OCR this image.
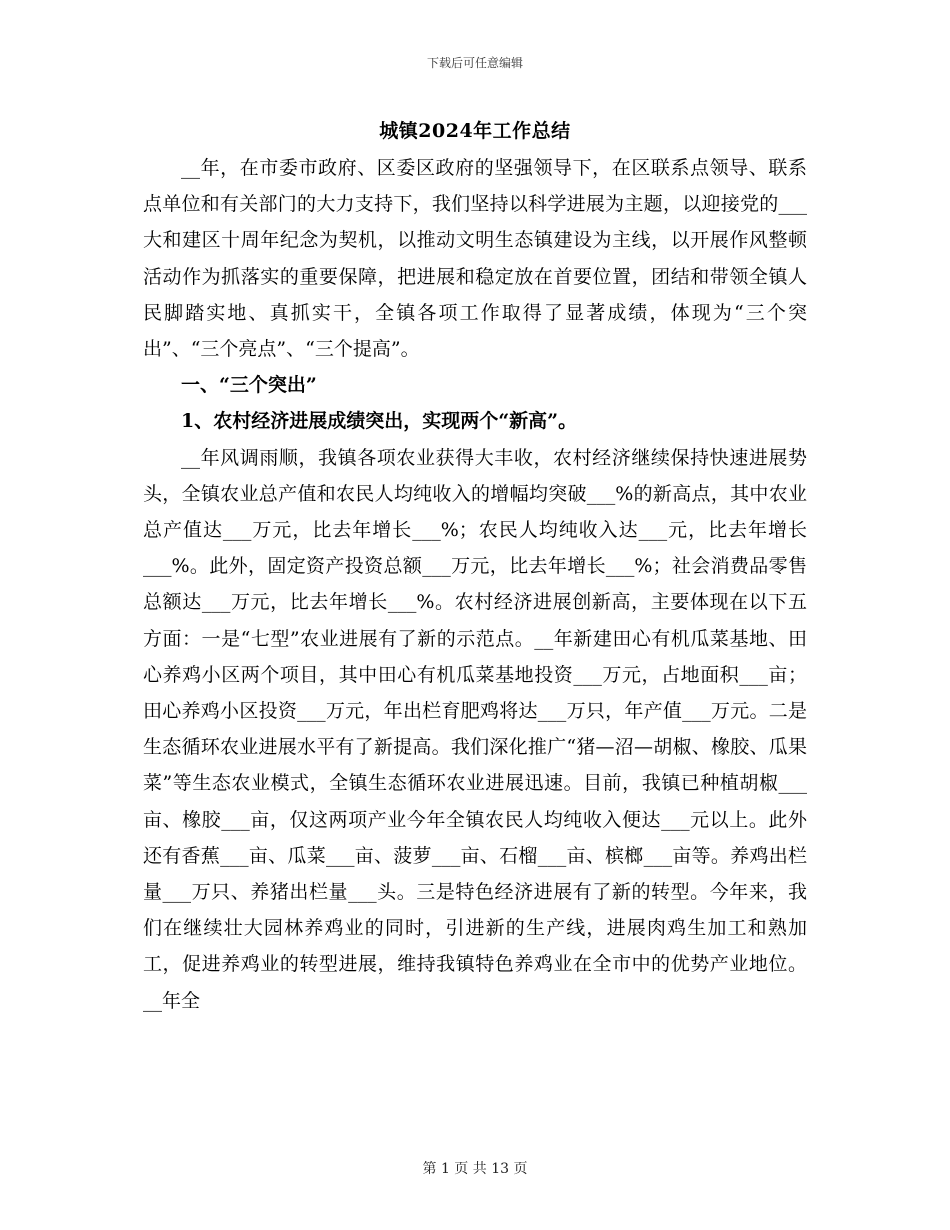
下载后可任意编辑
城镇2024年工作总结

__年，在市委市政府、区委区政府的坚强领导下，在区联系点领导、联系点单位和有关部门的大力支持下，我们坚持以科学进展为主题，以迎接党的___大和建区十周年纪念为契机，以推动文明生态镇建设为主线，以开展作风整顿活动作为抓落实的重要保障，把进展和稳定放在首要位置，团结和带领全镇人民脚踏实地、真抓实干，全镇各项工作取得了显著成绩，体现为“三个突出”、“三个亮点”、“三个提高”。

一、“三个突出”

1、农村经济进展成绩突出，实现两个“新高”。

__年风调雨顺，我镇各项农业获得大丰收，农村经济继续保持快速进展势头，全镇农业总产值和农民人均纯收入的增幅均突破___%的新高点，其中农业总产值达___万元，比去年增长___%；农民人均纯收入达___元，比去年增长___%。此外，固定资产投资总额___万元，比去年增长___%；社会消费品零售总额达___万元，比去年增长___%。农村经济进展创新高，主要体现在以下五方面：一是“七型”农业进展有了新的示范点。__年新建田心有机瓜菜基地、田心养鸡小区两个项目，其中田心有机瓜菜基地投资___万元，占地面积___亩；田心养鸡小区投资___万元，年出栏育肥鸡将达___万只，年产值___万元。二是生态循环农业进展水平有了新提高。我们深化推广“猪—沼—胡椒、橡胶、瓜果菜”等生态农业模式，全镇生态循环农业进展迅速。目前，我镇已种植胡椒___亩、橡胶___亩，仅这两项产业今年全镇农民人均纯收入便达___元以上。此外还有香蕉___亩、瓜菜___亩、菠萝___亩、石榴___亩、槟榔___亩等。养鸡出栏量___万只、养猪出栏量___头。三是特色经济进展有了新的转型。今年来，我们在继续壮大园林养鸡业的同时，引进新的生产线，进展肉鸡生加工和熟加工，促进养鸡业的转型进展，维持我镇特色养鸡业在全市中的优势产业地位。__年全

第 1 页 共 13 页
